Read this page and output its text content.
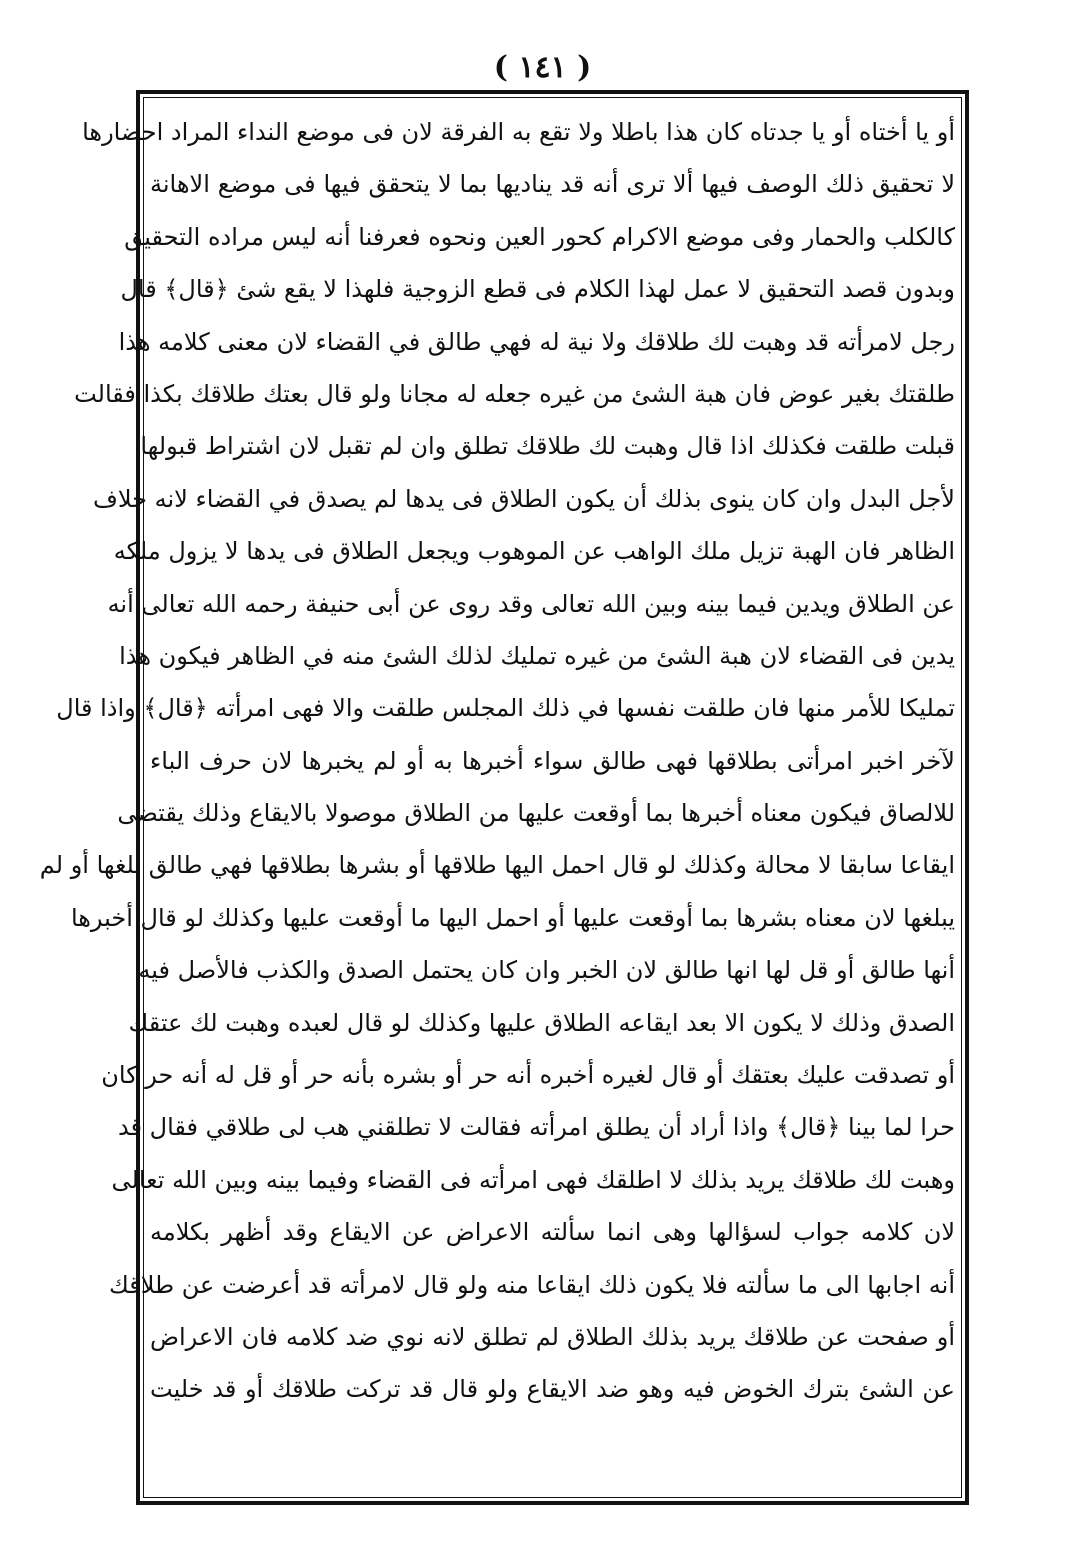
( ١٤١ )
أو يا أختاه أو يا جدتاه كان هذا باطلا ولا تقع به الفرقة لان فى موضع النداء المراد احضارها
لا تحقيق ذلك الوصف فيها ألا ترى أنه قد يناديها بما لا يتحقق فيها فى موضع الاهانة
كالكلب والحمار وفى موضع الاكرام كحور العين ونحوه فعرفنا أنه ليس مراده التحقيق
وبدون قصد التحقيق لا عمل لهذا الكلام فى قطع الزوجية فلهذا لا يقع شئ ﴿قال﴾ قال
رجل لامرأته قد وهبت لك طلاقك ولا نية له فهي طالق في القضاء لان معنى كلامه هذا
طلقتك بغير عوض فان هبة الشئ من غيره جعله له مجانا ولو قال بعتك طلاقك بكذا فقالت
قبلت طلقت فكذلك اذا قال وهبت لك طلاقك تطلق وان لم تقبل لان اشتراط قبولها
لأجل البدل وان كان ينوى بذلك أن يكون الطلاق فى يدها لم يصدق في القضاء لانه خلاف
الظاهر فان الهبة تزيل ملك الواهب عن الموهوب ويجعل الطلاق فى يدها لا يزول ملكه
عن الطلاق ويدين فيما بينه وبين الله تعالى وقد روى عن أبى حنيفة رحمه الله تعالى أنه
يدين فى القضاء لان هبة الشئ من غيره تمليك لذلك الشئ منه في الظاهر فيكون هذا
تمليكا للأمر منها فان طلقت نفسها في ذلك المجلس طلقت والا فهى امرأته ﴿قال﴾ واذا قال
لآخر اخبر امرأتى بطلاقها فهى طالق سواء أخبرها به أو لم يخبرها لان حرف الباء
للالصاق فيكون معناه أخبرها بما أوقعت عليها من الطلاق موصولا بالايقاع وذلك يقتضى
ايقاعا سابقا لا محالة وكذلك لو قال احمل اليها طلاقها أو بشرها بطلاقها فهي طالق بلغها أو لم
يبلغها لان معناه بشرها بما أوقعت عليها أو احمل اليها ما أوقعت عليها وكذلك لو قال أخبرها
أنها طالق أو قل لها انها طالق لان الخبر وان كان يحتمل الصدق والكذب فالأصل فيه
الصدق وذلك لا يكون الا بعد ايقاعه الطلاق عليها وكذلك لو قال لعبده وهبت لك عتقك
أو تصدقت عليك بعتقك أو قال لغيره أخبره أنه حر أو بشره بأنه حر أو قل له أنه حر كان
حرا لما بينا ﴿قال﴾ واذا أراد أن يطلق امرأته فقالت لا تطلقني هب لى طلاقي فقال قد
وهبت لك طلاقك يريد بذلك لا اطلقك فهى امرأته فى القضاء وفيما بينه وبين الله تعالى
لان كلامه جواب لسؤالها وهى انما سألته الاعراض عن الايقاع وقد أظهر بكلامه
أنه اجابها الى ما سألته فلا يكون ذلك ايقاعا منه ولو قال لامرأته قد أعرضت عن طلاقك
أو صفحت عن طلاقك يريد بذلك الطلاق لم تطلق لانه نوي ضد كلامه فان الاعراض
عن الشئ بترك الخوض فيه وهو ضد الايقاع ولو قال قد تركت طلاقك أو قد خليت
